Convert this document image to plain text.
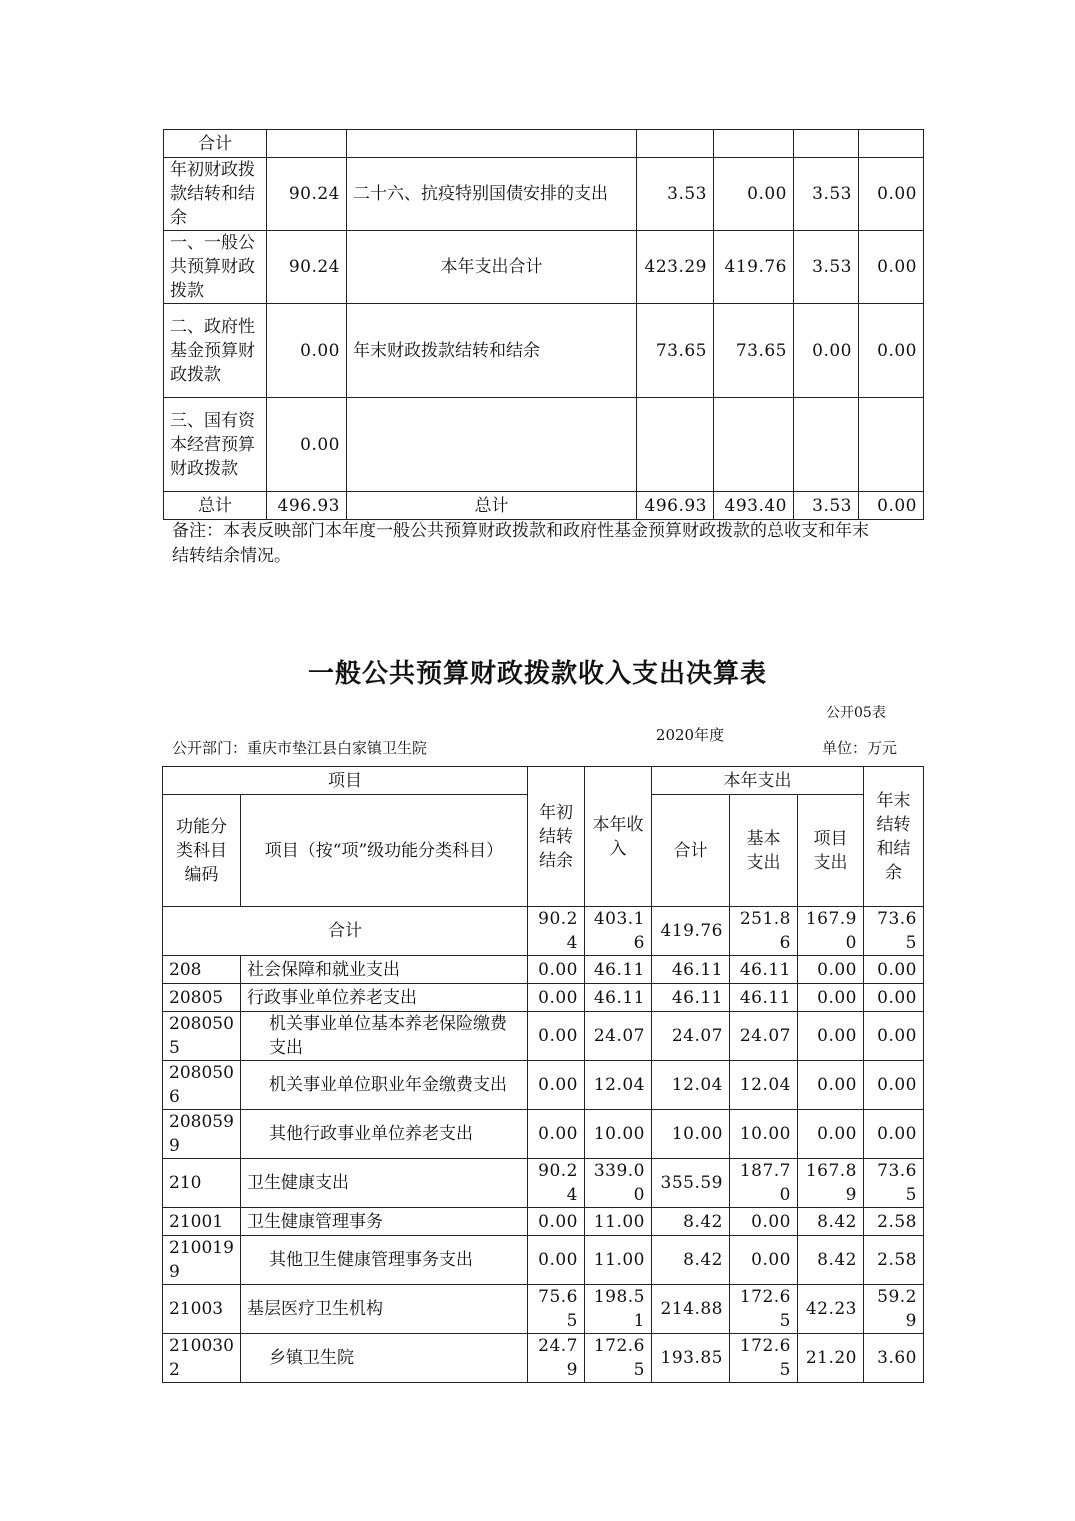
合计						
年初财政拨款结转和结余	90.24	二十六、抗疫特别国债安排的支出	3.53	0.00	3.53	0.00
一、一般公共预算财政拨款	90.24	本年支出合计	423.29	419.76	3.53	0.00
二、政府性基金预算财政拨款	0.00	年末财政拨款结转和结余	73.65	73.65	0.00	0.00
三、国有资本经营预算财政拨款	0.00					
总计	496.93	总计	496.93	493.40	3.53	0.00
备注：本表反映部门本年度一般公共预算财政拨款和政府性基金预算财政拨款的总收支和年末结转结余情况。
一般公共预算财政拨款收入支出决算表
公开05表
公开部门：重庆市垫江县白家镇卫生院
2020年度
单位：万元
项目		年初结转结余	本年收入	本年支出			年末结转和结余
功能分类科目编码	项目（按“项”级功能分类科目）			合计	基本支出	项目支出	
合计		90.24	403.16	419.76	251.86	167.90	73.65
208	社会保障和就业支出	0.00	46.11	46.11	46.11	0.00	0.00
20805	行政事业单位养老支出	0.00	46.11	46.11	46.11	0.00	0.00
2080505	机关事业单位基本养老保险缴费支出	0.00	24.07	24.07	24.07	0.00	0.00
2080506	机关事业单位职业年金缴费支出	0.00	12.04	12.04	12.04	0.00	0.00
2080599	其他行政事业单位养老支出	0.00	10.00	10.00	10.00	0.00	0.00
210	卫生健康支出	90.24	339.00	355.59	187.70	167.89	73.65
21001	卫生健康管理事务	0.00	11.00	8.42	0.00	8.42	2.58
2100199	其他卫生健康管理事务支出	0.00	11.00	8.42	0.00	8.42	2.58
21003	基层医疗卫生机构	75.65	198.51	214.88	172.65	42.23	59.29
2100302	乡镇卫生院	24.79	172.65	193.85	172.65	21.20	3.60
